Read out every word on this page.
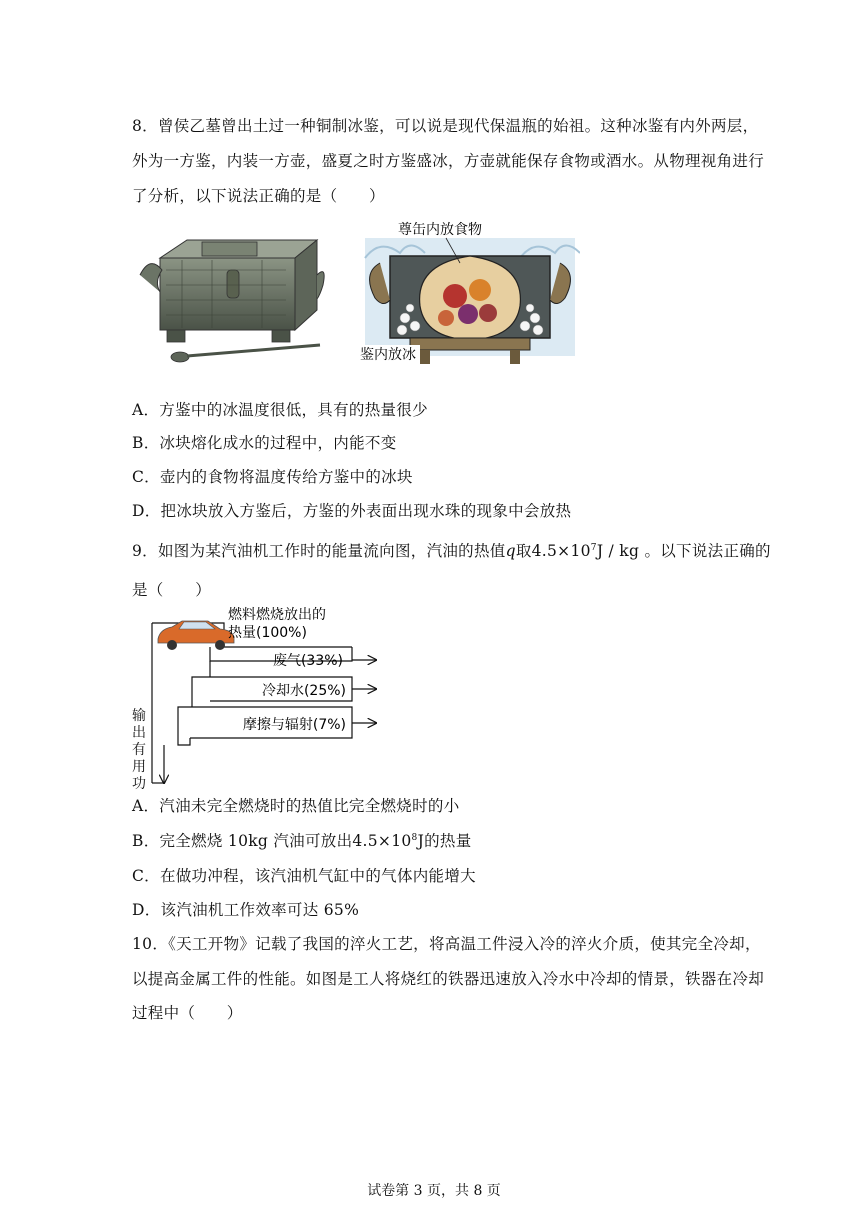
8．曾侯乙墓曾出土过一种铜制冰鉴，可以说是现代保温瓶的始祖。这种冰鉴有内外两层，
外为一方鉴，内装一方壶，盛夏之时方鉴盛冰，方壶就能保存食物或酒水。从物理视角进行
了分析，以下说法正确的是（　　）
尊缶内放食物
鉴内放冰
A．方鉴中的冰温度很低，具有的热量很少
B．冰块熔化成水的过程中，内能不变
C．壶内的食物将温度传给方鉴中的冰块
D．把冰块放入方鉴后，方鉴的外表面出现水珠的现象中会放热
9．如图为某汽油机工作时的能量流向图，汽油的热值q取$4.5\times 10^7J$ / kg 。以下说法正确的
是（　　）
燃料燃烧放出的
热量(100%)
废气(33%)
冷却水(25%)
摩擦与辐射(7%)
输
出
有
用
功
A．汽油未完全燃烧时的热值比完全燃烧时的小
B．完全燃烧 10kg 汽油可放出$4.5\times 10^8J$的热量
C．在做功冲程，该汽油机气缸中的气体内能增大
D．该汽油机工作效率可达 65%
10．《天工开物》记载了我国的淬火工艺，将高温工件浸入冷的淬火介质，使其完全冷却，
以提高金属工件的性能。如图是工人将烧红的铁器迅速放入冷水中冷却的情景，铁器在冷却
过程中（　　）
试卷第 3 页，共 8 页
